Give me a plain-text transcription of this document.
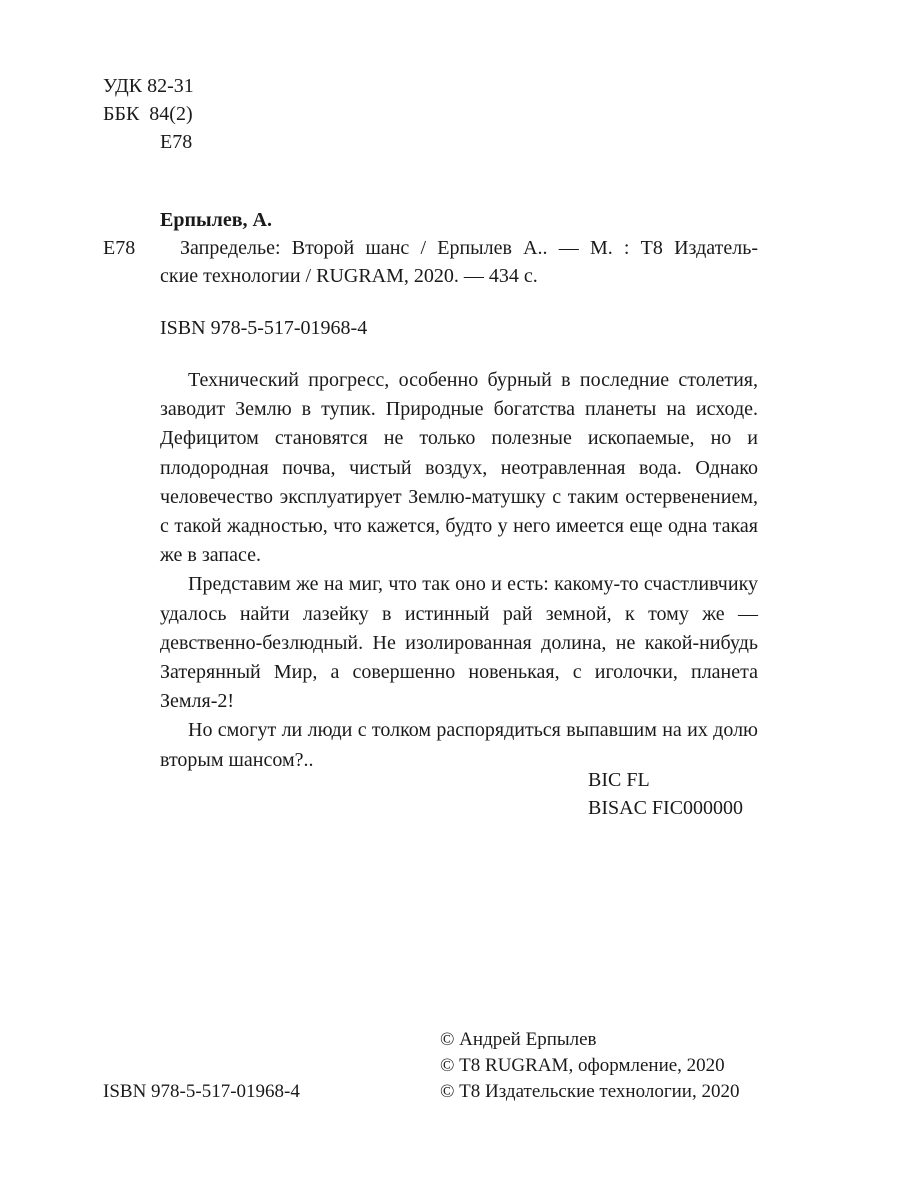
УДК 82-31
ББК  84(2)
Е78
Ерпылев, А.
Е78	Запределье: Второй шанс / Ерпылев А.. — М. : Т8 Издатель-
ские технологии / RUGRAM, 2020. — 434 с.
ISBN 978-5-517-01968-4

Технический прогресс, особенно бурный в последние столетия, заводит Землю в тупик. Природные богатства планеты на исходе. Дефицитом становятся не только полезные ископаемые, но и плодородная почва, чистый воздух, неотравленная вода. Однако человечество эксплуатирует Землю-матушку с таким остервенением, с такой жадностью, что кажется, будто у него имеется еще одна такая же в запасе.

Представим же на миг, что так оно и есть: какому-то счастливчику удалось найти лазейку в истинный рай земной, к тому же — девственно-безлюдный. Не изолированная долина, не какой-нибудь Затерянный Мир, а совершенно новенькая, с иголочки, планета Земля-2!

Но смогут ли люди с толком распорядиться выпавшим на их долю вторым шансом?..

BIC FL
BISAC FIC000000
© Андрей Ерпылев
© Т8 RUGRAM, оформление, 2020
ISBN 978-5-517-01968-4	© Т8 Издательские технологии, 2020
